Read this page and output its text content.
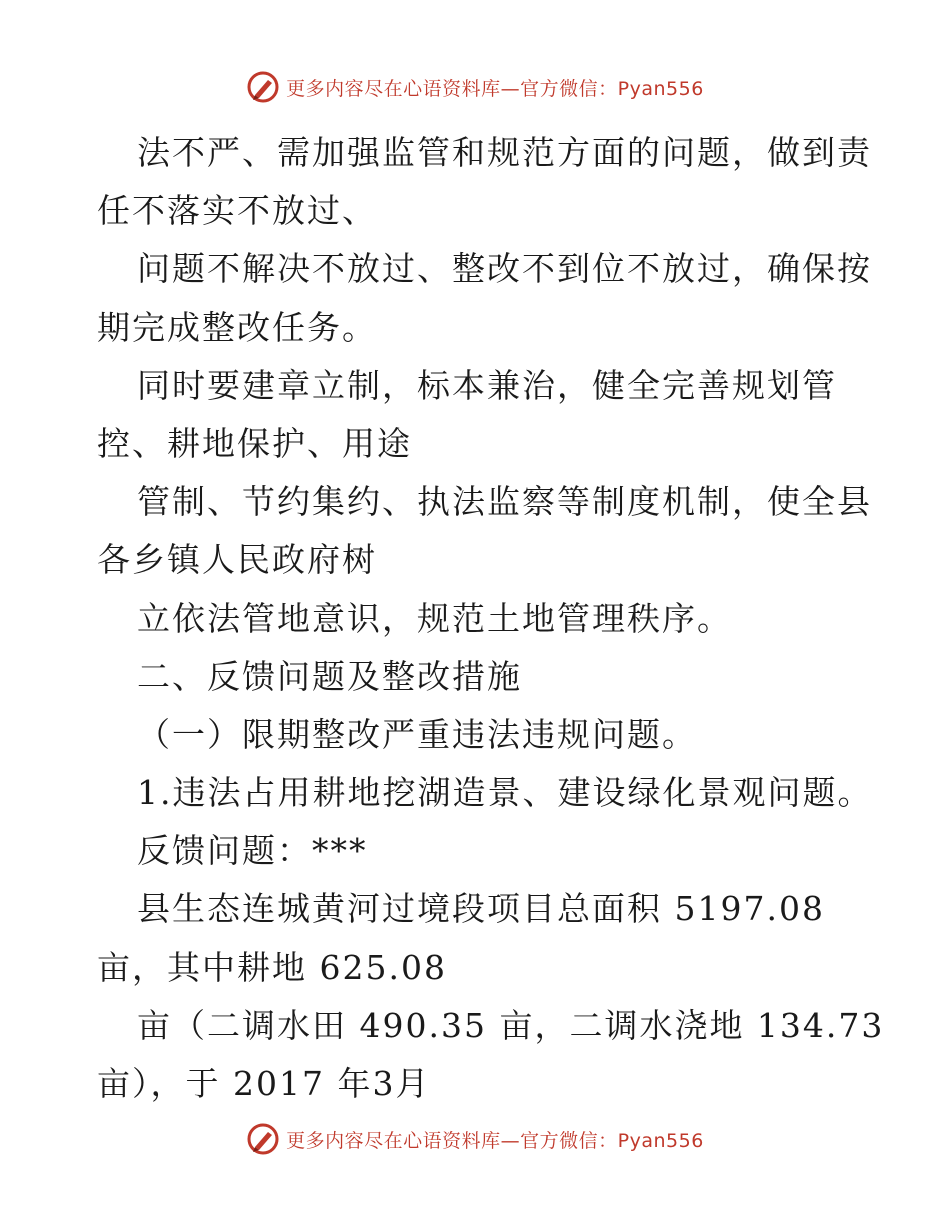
更多内容尽在心语资料库—官方微信：Pyan556
法不严、需加强监管和规范方面的问题，做到责
任不落实不放过、
问题不解决不放过、整改不到位不放过，确保按
期完成整改任务。
同时要建章立制，标本兼治，健全完善规划管
控、耕地保护、用途
管制、节约集约、执法监察等制度机制，使全县
各乡镇人民政府树
立依法管地意识，规范土地管理秩序。
二、反馈问题及整改措施
（一）限期整改严重违法违规问题。
1.违法占用耕地挖湖造景、建设绿化景观问题。
反馈问题：***
县生态连城黄河过境段项目总面积 5197.08
亩，其中耕地 625.08
亩（二调水田 490.35 亩，二调水浇地 134.73
亩），于 2017 年3月
更多内容尽在心语资料库—官方微信：Pyan556
